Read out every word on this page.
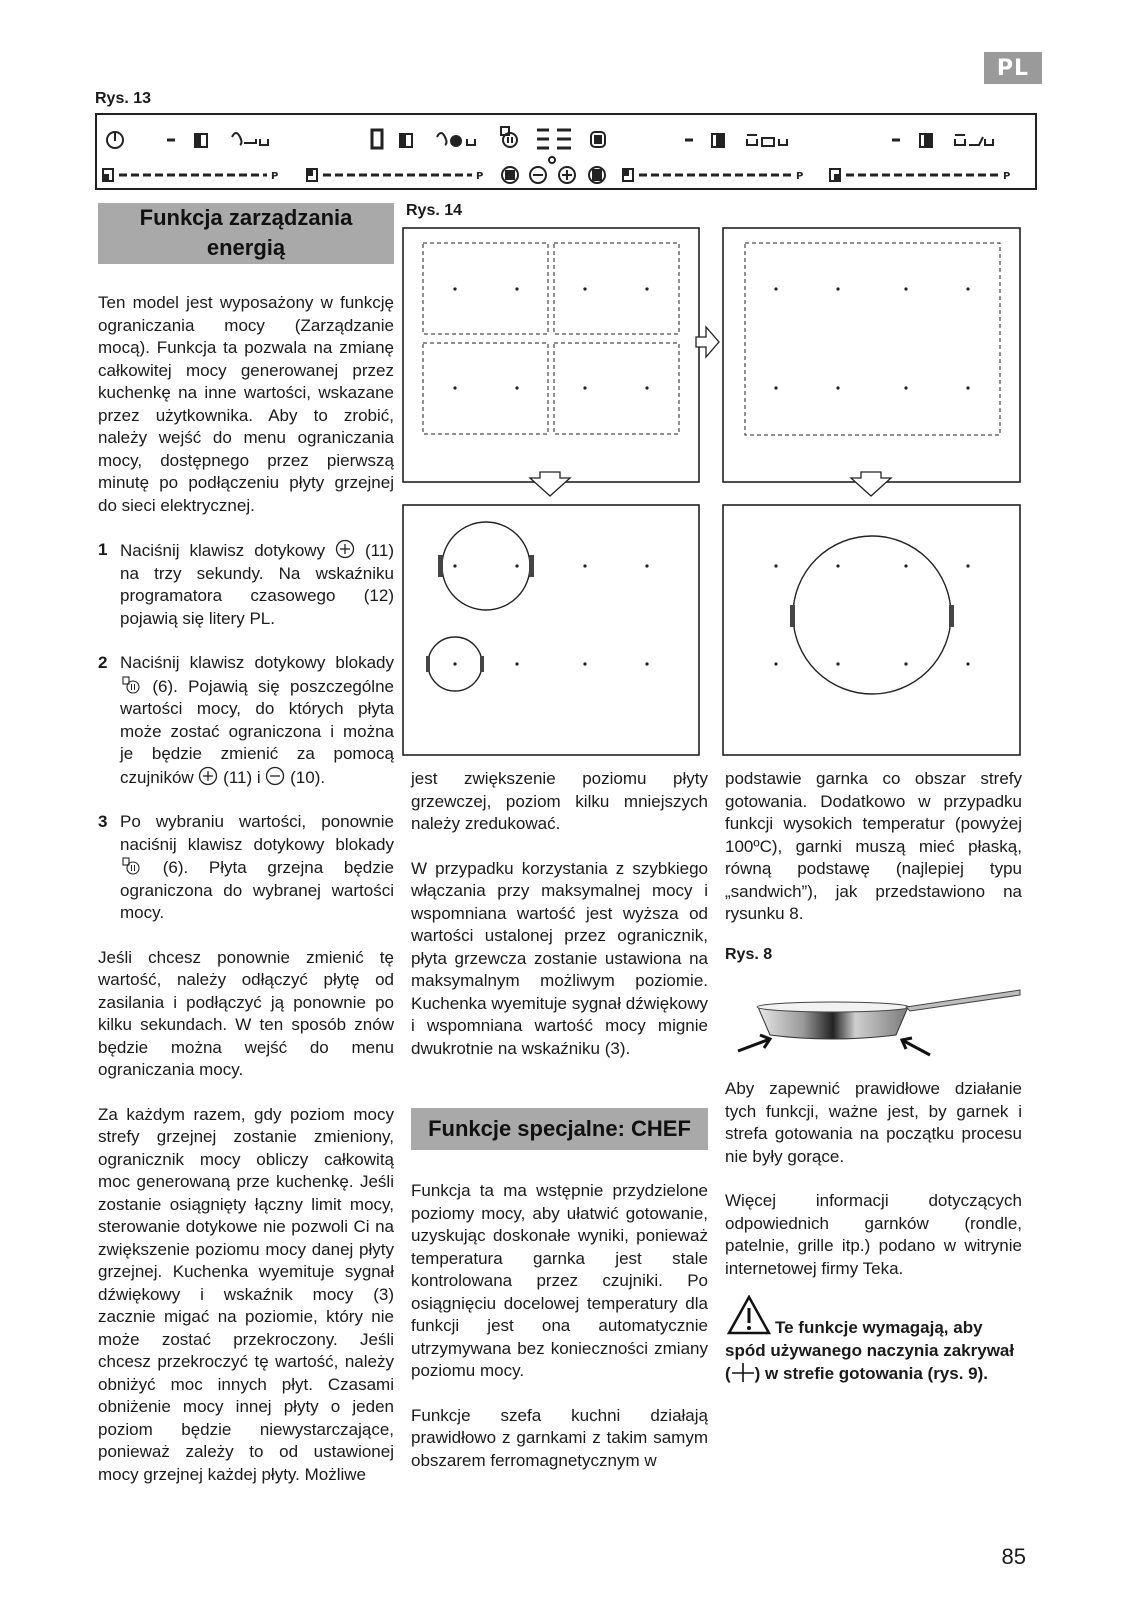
PL
Rys. 13
P	P	P	P
Funkcja zarządzania
energią

Ten model jest wyposażony w funkcję ograniczania mocy (Zarządzanie mocą). Funkcja ta pozwala na zmianę całkowitej mocy generowanej przez kuchenkę na inne wartości, wskazane przez użytkownika. Aby to zrobić, należy wejść do menu ograniczania mocy, dostępnego przez pierwszą minutę po podłączeniu płyty grzejnej do sieci elektrycznej.

1 Naciśnij klawisz dotykowy (11) na trzy sekundy. Na wskaźniku programatora czasowego (12) pojawią się litery PL.
2 Naciśnij klawisz dotykowy blokady  (6). Pojawią się poszczególne wartości mocy, do których płyta może zostać ograniczona i można je będzie zmienić za pomocą czujników (11) i (10).
3 Po wybraniu wartości, ponownie naciśnij klawisz dotykowy blokady  (6). Płyta grzejna będzie ograniczona do wybranej wartości mocy.

Jeśli chcesz ponownie zmienić tę wartość, należy odłączyć płytę od zasilania i podłączyć ją ponownie po kilku sekundach. W ten sposób znów będzie można wejść do menu ograniczania mocy.

Za każdym razem, gdy poziom mocy strefy grzejnej zostanie zmieniony, ogranicznik mocy obliczy całkowitą moc generowaną prze kuchenkę. Jeśli zostanie osiągnięty łączny limit mocy, sterowanie dotykowe nie pozwoli Ci na zwiększenie poziomu mocy danej płyty grzejnej. Kuchenka wyemituje sygnał dźwiękowy i wskaźnik mocy (3) zacznie migać na poziomie, który nie może zostać przekroczony. Jeśli chcesz przekroczyć tę wartość, należy obniżyć moc innych płyt. Czasami obniżenie mocy innej płyty o jeden poziom będzie niewystarczające, ponieważ zależy to od ustawionej mocy grzejnej każdej płyty. Możliwe

Rys. 14

jest zwiększenie poziomu płyty grzewczej, poziom kilku mniejszych należy zredukować.

W przypadku korzystania z szybkiego włączania przy maksymalnej mocy i wspomniana wartość jest wyższa od wartości ustalonej przez ogranicznik, płyta grzewcza zostanie ustawiona na maksymalnym możliwym poziomie. Kuchenka wyemituje sygnał dźwiękowy i wspomniana wartość mocy mignie dwukrotnie na wskaźniku (3).

Funkcje specjalne: CHEF

Funkcja ta ma wstępnie przydzielone poziomy mocy, aby ułatwić gotowanie, uzyskując doskonałe wyniki, ponieważ temperatura garnka jest stale kontrolowana przez czujniki. Po osiągnięciu docelowej temperatury dla funkcji jest ona automatycznie utrzymywana bez konieczności zmiany poziomu mocy.

Funkcje szefa kuchni działają prawidłowo z garnkami z takim samym obszarem ferromagnetycznym w

podstawie garnka co obszar strefy gotowania. Dodatkowo w przypadku funkcji wysokich temperatur (powyżej 100ºC), garnki muszą mieć płaską, równą podstawę (najlepiej typu „sandwich”), jak przedstawiono na rysunku 8.

Rys. 8

Aby zapewnić prawidłowe działanie tych funkcji, ważne jest, by garnek i strefa gotowania na początku procesu nie były gorące.

Więcej informacji dotyczących odpowiednich garnków (rondle, patelnie, grille itp.) podano w witrynie internetowej firmy Teka.

Te funkcje wymagają, aby spód używanego naczynia zakrywał ( ) w strefie gotowania (rys. 9).
85
